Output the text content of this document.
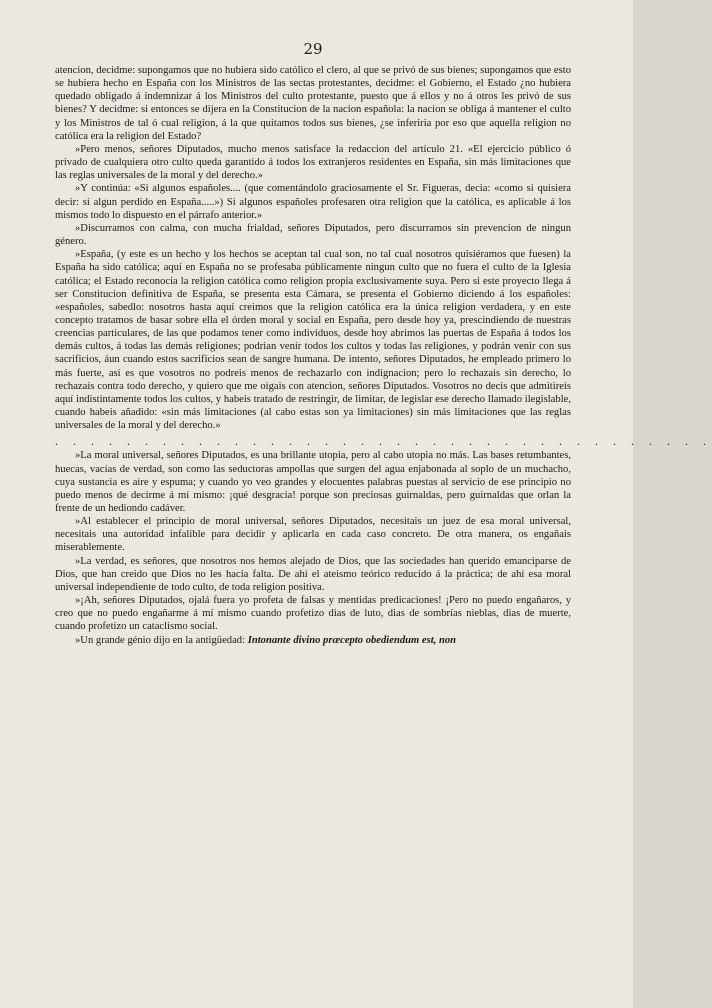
29

atencion, decidme: supongamos que no hubiera sido católico el clero, al que se privó de sus bienes; supongamos que esto se hubiera hecho en España con los Ministros de las sectas protestantes, decidme: el Gobierno, el Estado ¿no hubiera quedado obligado á indemnizar á los Ministros del culto protestante, puesto que á ellos y no á otros les privó de sus bienes? Y decidme: si entonces se dijera en la Constitucion de la nacion española: la nacion se obliga á mantener el culto y los Ministros de tal ó cual religion, á la que quitamos todos sus bienes, ¿se inferiria por eso que aquella religion no católica era la religion del Estado?

»Pero menos, señores Diputados, mucho menos satisface la redaccion del artículo 21. «El ejercicio público ó privado de cualquiera otro culto queda garantido á todos los extranjeros residentes en España, sin más limitaciones que las reglas universales de la moral y del derecho.»

»Y continúa: «Si algunos españoles.... (que comentándolo graciosamente el Sr. Figueras, decia: «como si quisiera decir: si algun perdido en España.....») Si algunos españoles profesaren otra religion que la católica, es aplicable á los mismos todo lo dispuesto en el párrafo anterior.»

»Discurramos con calma, con mucha frialdad, señores Diputados, pero discurramos sin prevencion de ningun género.

»España, (y este es un hecho y los hechos se aceptan tal cual son, no tal cual nosotros quisiéramos que fuesen) la España ha sido católica; aquí en España no se profesaba públicamente ningun culto que no fuera el culto de la Iglesia católica; el Estado reconocia la religion católica como religion propia exclusivamente suya. Pero si este proyecto llega á ser Constitucion definitiva de España, se presenta esta Cámara, se presenta el Gobierno diciendo á los españoles: «españoles, sabedlo: nosotros hasta aquí creimos que la religion católica era la única religion verdadera, y en este concepto tratamos de basar sobre ella el órden moral y social en España, pero desde hoy ya, prescindiendo de nuestras creencias particulares, de las que podamos tener como individuos, desde hoy abrimos las puertas de España á todos los demás cultos, á todas las demás religiones; podrian venir todos los cultos y todas las religiones, y podrán venir con sus sacrificios, áun cuando estos sacrificios sean de sangre humana. De intento, señores Diputados, he empleado primero lo más fuerte, así es que vosotros no podreis menos de rechazarlo con indignacion; pero lo rechazais sin derecho, lo rechazais contra todo derecho, y quiero que me oigais con atencion, señores Diputados. Vosotros no decis que admitireis aquí indistintamente todos los cultos, y habeis tratado de restringir, de limitar, de legislar ese derecho llamado ilegislable, cuando habeis añadido: «sin más limitaciones (al cabo estas son ya limitaciones) sin más limitaciones que las reglas universales de la moral y del derecho.»

. . . . . . . . . . . . . . . . . . . . . . . . . . . . . . . . . . . . .

»La moral universal, señores Diputados, es una brillante utopia, pero al cabo utopia no más. Las bases retumbantes, huecas, vacías de verdad, son como las seductoras ampollas que surgen del agua enjabonada al soplo de un muchacho, cuya sustancia es aire y espuma; y cuando yo veo grandes y elocuentes palabras puestas al servicio de ese principio no puedo menos de decirme á mí mismo: ¡qué desgracia! porque son preciosas guirnaldas, pero guirnaldas que orlan la frente de un hediondo cadáver.

»Al establecer el principio de moral universal, señores Diputados, necesitais un juez de esa moral universal, necesitais una autoridad infalible para decidir y aplicarla en cada caso concreto. De otra manera, os engañais miserablemente.

»La verdad, es señores, que nosotros nos hemos alejado de Dios, que las sociedades han querido emanciparse de Dios, que han creido que Dios no les hacia falta. De ahí el ateismo teórico reducido á la práctica; de ahí esa moral universal independiente de todo culto, de toda religion positiva.

»¡Ah, señores Diputados, ojalá fuera yo profeta de falsas y mentidas predicaciones! ¡Pero no puedo engañaros, y creo que no puedo engañarme á mí mismo cuando profetizo dias de luto, dias de sombrías nieblas, dias de muerte, cuando profetizo un cataclismo social.

»Un grande génio dijo en la antigüedad: Intonante divino præcepto obediendum est, non
